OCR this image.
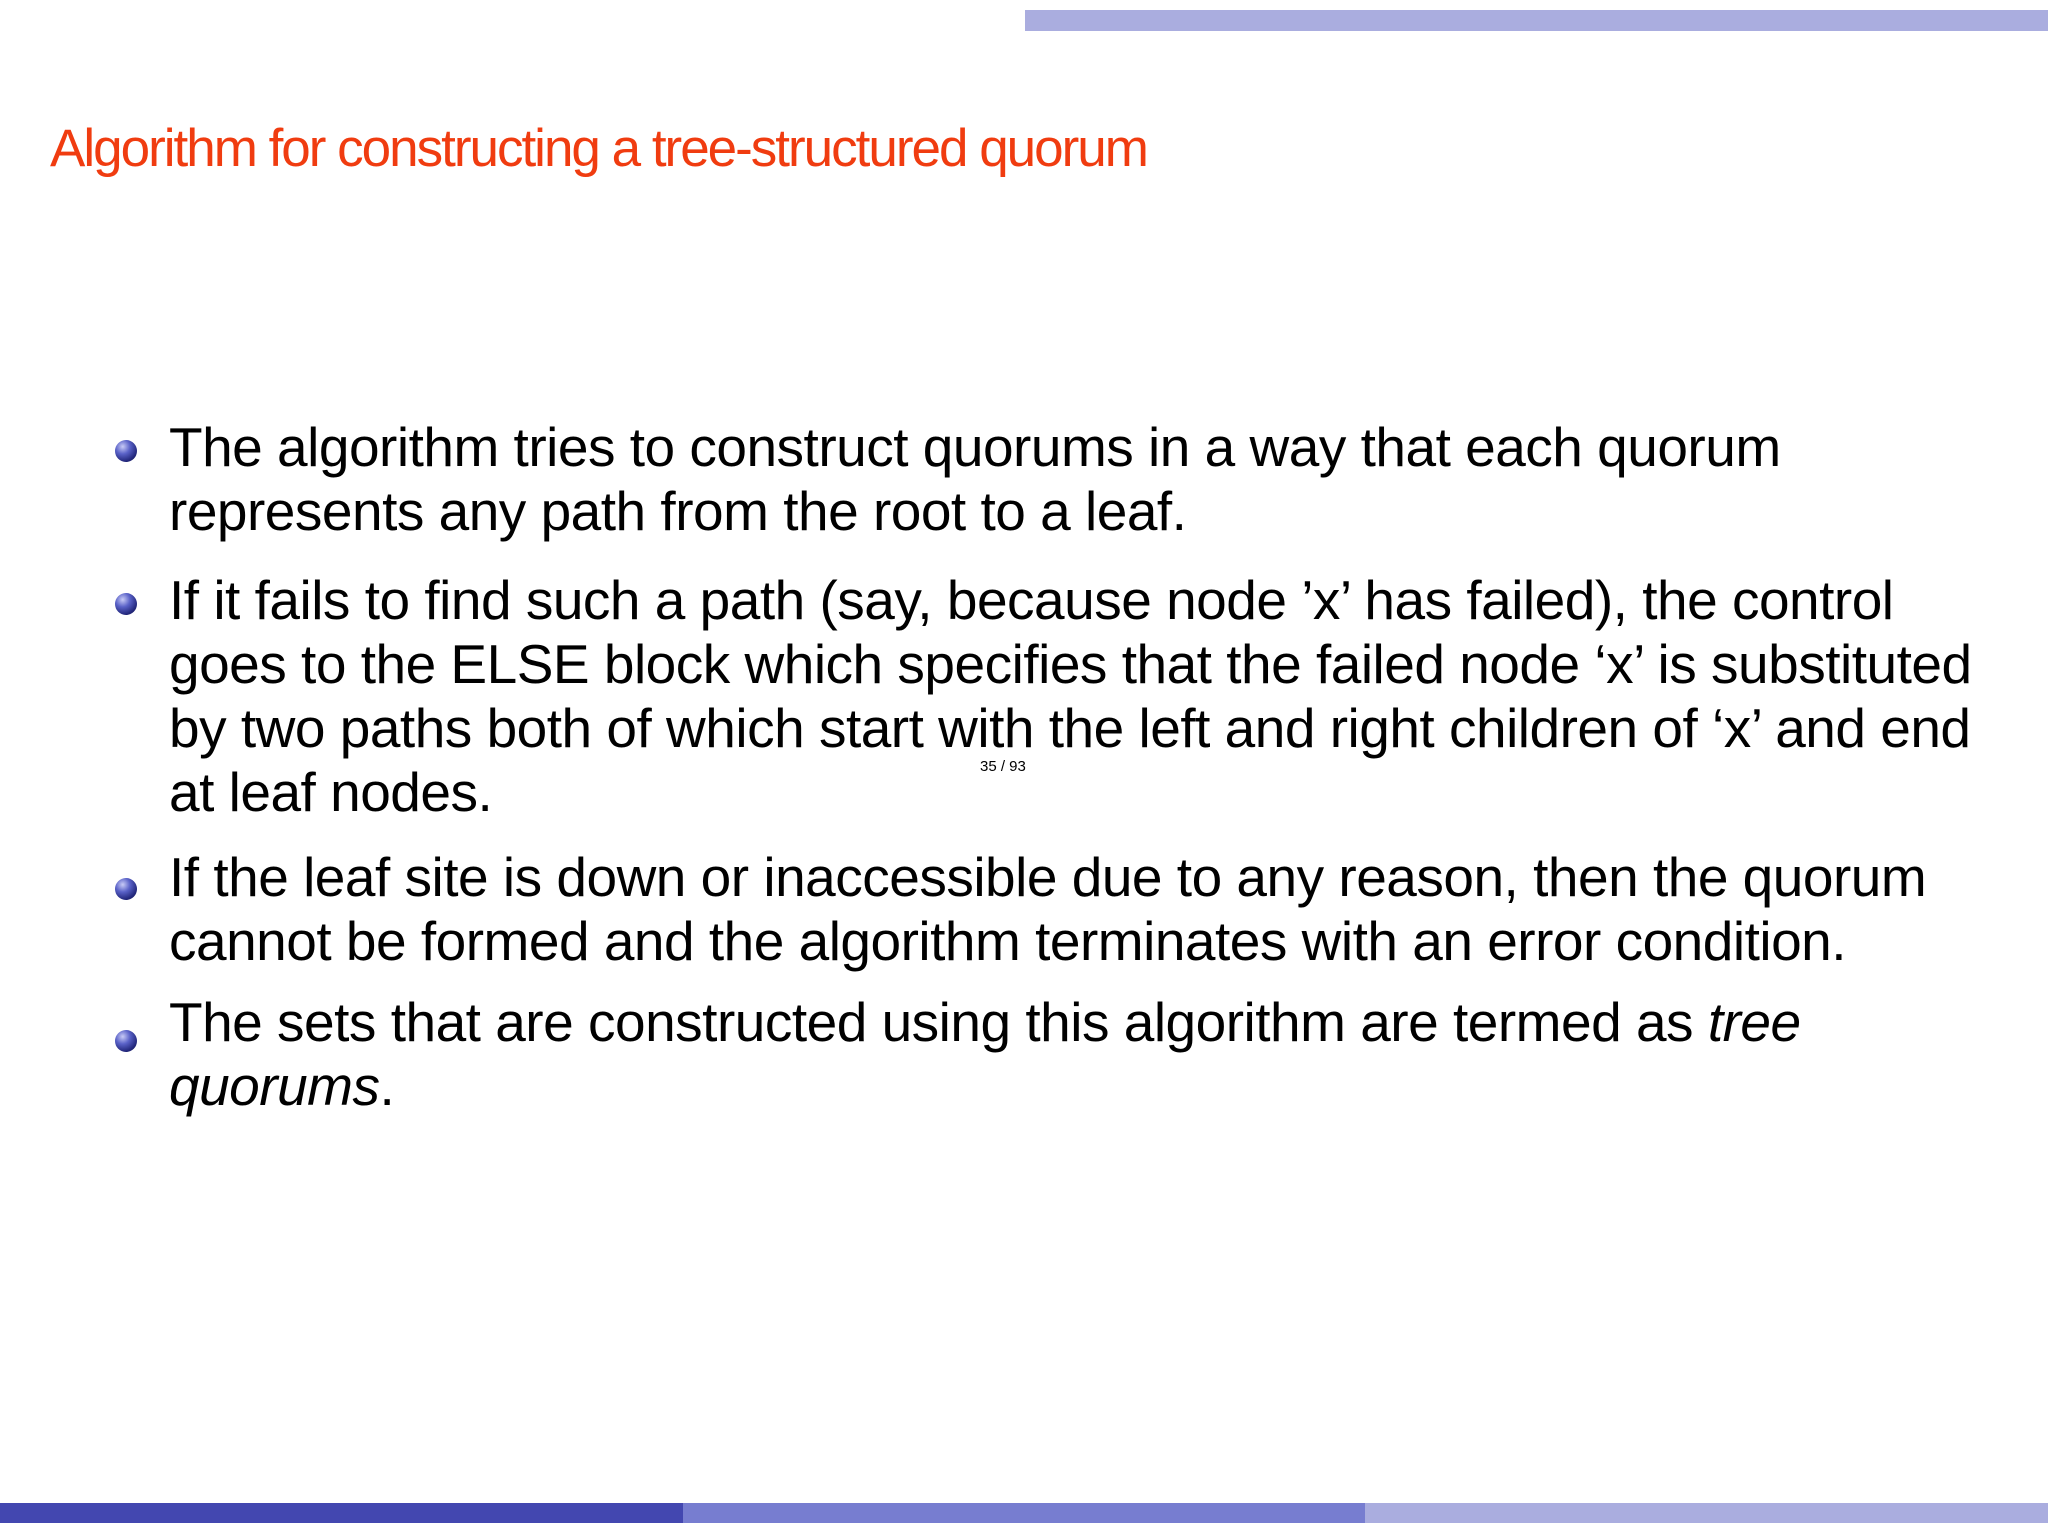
Algorithm for constructing a tree-structured quorum
The algorithm tries to construct quorums in a way that each quorum represents any path from the root to a leaf.
If it fails to find such a path (say, because node ’x’ has failed), the control goes to the ELSE block which specifies that the failed node ‘x’ is substituted by two paths both of which start with the left and right children of ‘x’ and end at leaf nodes.
If the leaf site is down or inaccessible due to any reason, then the quorum cannot be formed and the algorithm terminates with an error condition.
The sets that are constructed using this algorithm are termed as tree quorums.
35 / 93
